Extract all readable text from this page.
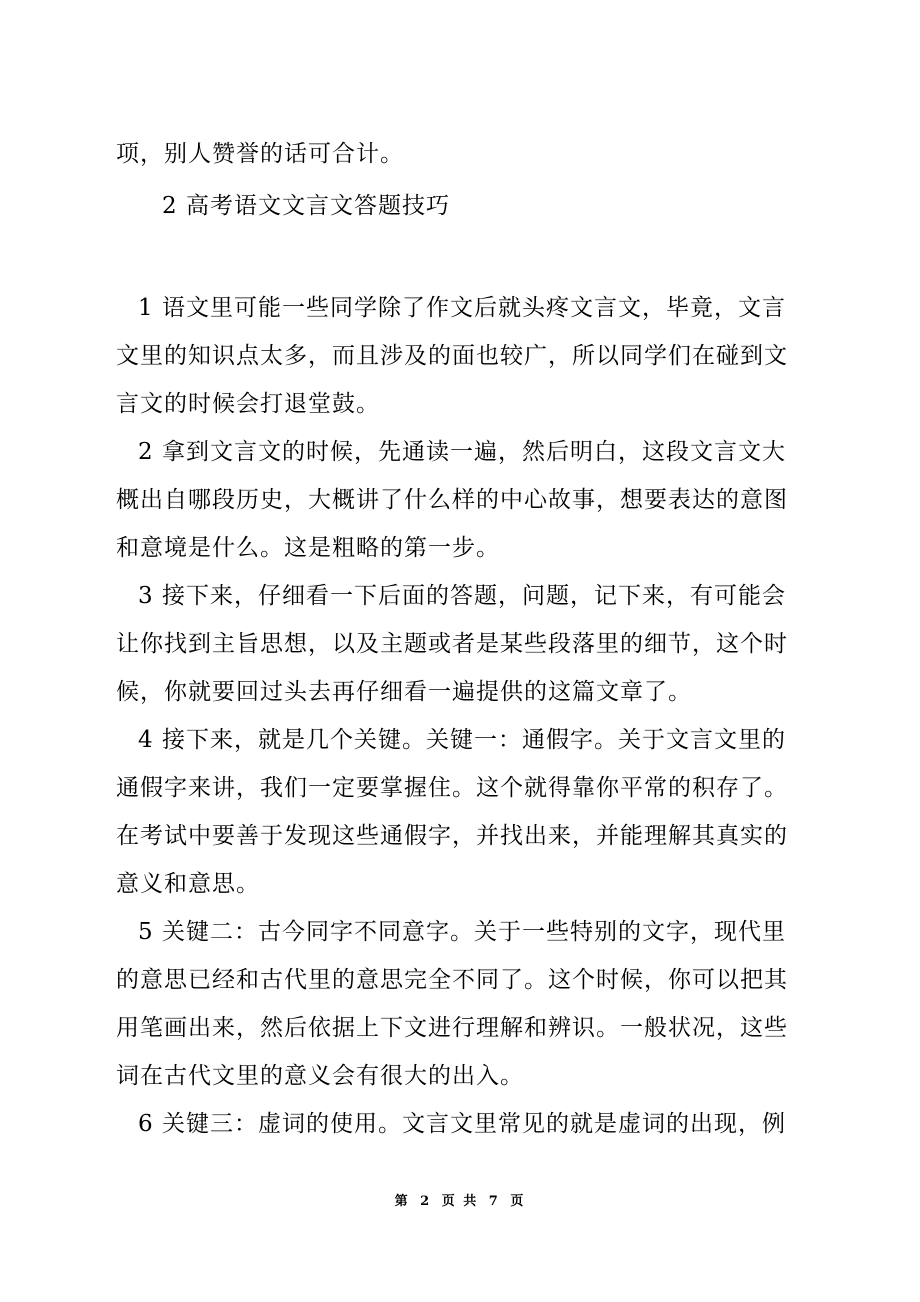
项，别人赞誉的话可合计。
2 高考语文文言文答题技巧
1 语文里可能一些同学除了作文后就头疼文言文，毕竟，文言
文里的知识点太多，而且涉及的面也较广，所以同学们在碰到文
言文的时候会打退堂鼓。
2 拿到文言文的时候，先通读一遍，然后明白，这段文言文大
概出自哪段历史，大概讲了什么样的中心故事，想要表达的意图
和意境是什么。这是粗略的第一步。
3 接下来，仔细看一下后面的答题，问题，记下来，有可能会
让你找到主旨思想，以及主题或者是某些段落里的细节，这个时
候，你就要回过头去再仔细看一遍提供的这篇文章了。
4 接下来，就是几个关键。关键一：通假字。关于文言文里的
通假字来讲，我们一定要掌握住。这个就得靠你平常的积存了。
在考试中要善于发现这些通假字，并找出来，并能理解其真实的
意义和意思。
5 关键二：古今同字不同意字。关于一些特别的文字，现代里
的意思已经和古代里的意思完全不同了。这个时候，你可以把其
用笔画出来，然后依据上下文进行理解和辨识。一般状况，这些
词在古代文里的意义会有很大的出入。
6 关键三：虚词的使用。文言文里常见的就是虚词的出现，例
第 2 页 共 7 页
